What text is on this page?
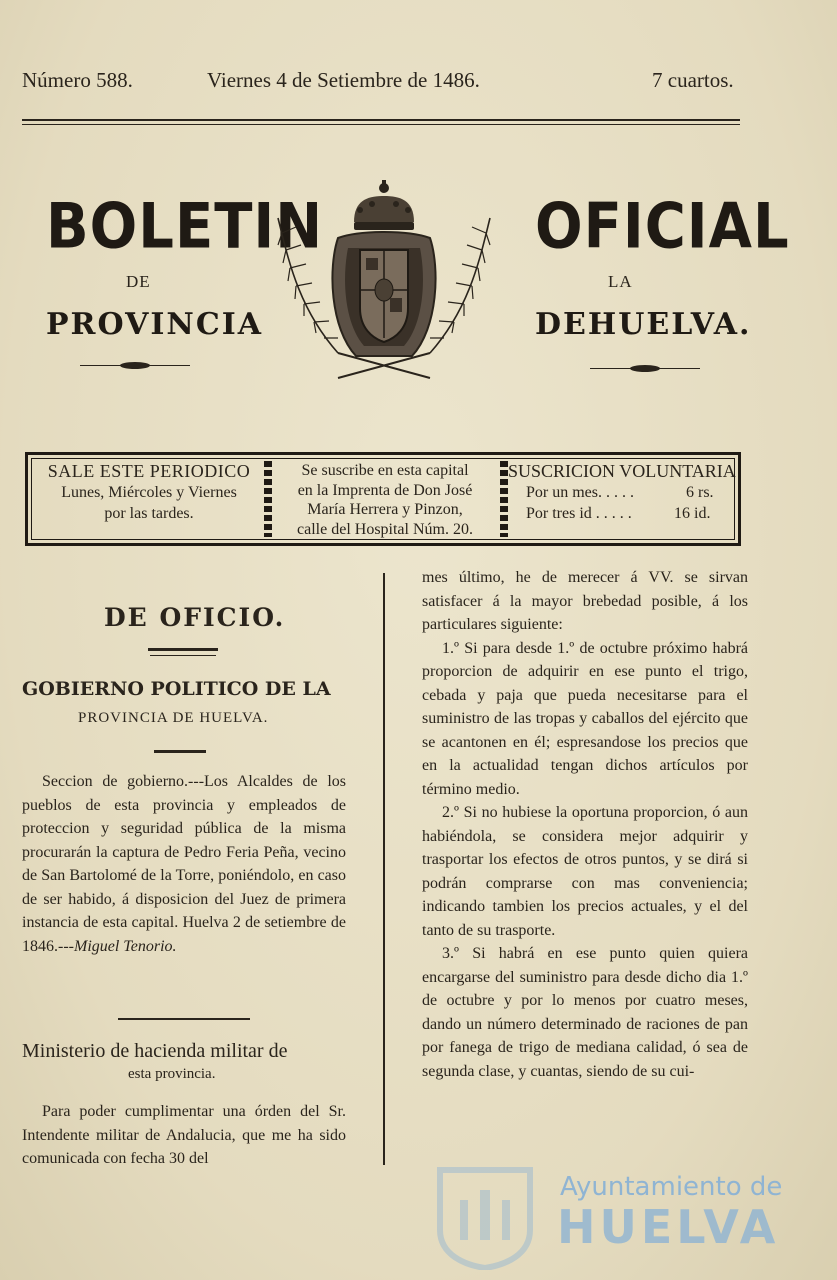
Número 588.	Viernes 4 de Setiembre de 1486.	7 cuartos.
BOLETIN	OFICIAL
DE	LA
PROVINCIA	DEHUELVA.
SALE ESTE PERIODICO
Lunes, Miércoles y Viernes
por las tardes.
Se suscribe en esta capital
en la Imprenta de Don José
María Herrera y Pinzon,
calle del Hospital Núm. 20.
SUSCRICION VOLUNTARIA
Por un mes. . . . .	6 rs.
Por tres id . . . . .	16 id.
DE OFICIO.
GOBIERNO POLITICO DE LA
PROVINCIA DE HUELVA.

Seccion de gobierno.---Los Alcaldes de los pueblos de esta provincia y empleados de proteccion y seguridad pública de la misma procurarán la captura de Pedro Feria Peña, vecino de San Bartolomé de la Torre, poniéndolo, en caso de ser habido, á disposicion del Juez de primera instancia de esta capital. Huelva 2 de setiembre de 1846.---Miguel Tenorio.

Ministerio de hacienda militar de
esta provincia.

Para poder cumplimentar una órden del Sr. Intendente militar de Andalucia, que me ha sido comunicada con fecha 30 del

mes último, he de merecer á VV. se sirvan satisfacer á la mayor brebedad posible, á los particulares siguiente:

1.º Si para desde 1.º de octubre próximo habrá proporcion de adquirir en ese punto el trigo, cebada y paja que pueda necesitarse para el suministro de las tropas y caballos del ejército que se acantonen en él; espresandose los precios que en la actualidad tengan dichos artículos por término medio.

2.º Si no hubiese la oportuna proporcion, ó aun habiéndola, se considera mejor adquirir y trasportar los efectos de otros puntos, y se dirá si podrán comprarse con mas conveniencia; indicando tambien los precios actuales, y el del tanto de su trasporte.

3.º Si habrá en ese punto quien quiera encargarse del suministro para desde dicho dia 1.º de octubre y por lo menos por cuatro meses, dando un número determinado de raciones de pan por fanega de trigo de mediana calidad, ó sea de segunda clase, y cuantas, siendo de su cui-

Ayuntamiento de
HUELVA
